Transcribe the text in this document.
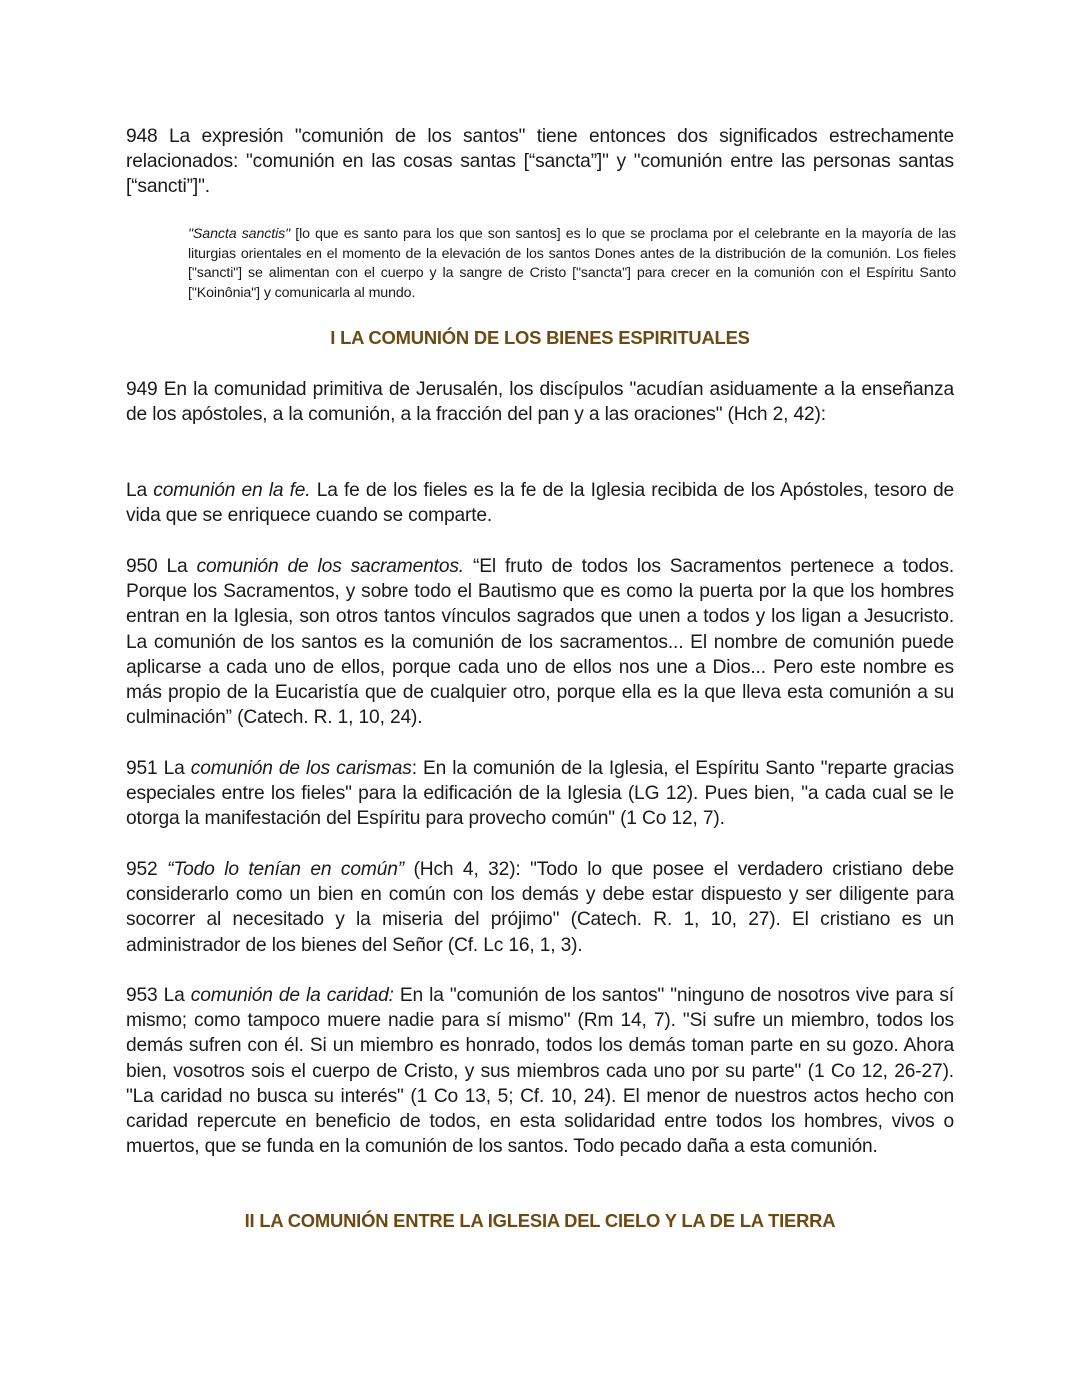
948 La expresión "comunión de los santos" tiene entonces dos significados estrechamente relacionados: "comunión en las cosas santas [“sancta”]" y "comunión entre las personas santas [“sancti”]".

"Sancta sanctis" [lo que es santo para los que son santos] es lo que se proclama por el celebrante en la mayoría de las liturgias orientales en el momento de la elevación de los santos Dones antes de la distribución de la comunión. Los fieles ["sancti"] se alimentan con el cuerpo y la sangre de Cristo ["sancta"] para crecer en la comunión con el Espíritu Santo ["Koinônia"] y comunicarla al mundo.

I LA COMUNIÓN DE LOS BIENES ESPIRITUALES

949 En la comunidad primitiva de Jerusalén, los discípulos "acudían asiduamente a la enseñanza de los apóstoles, a la comunión, a la fracción del pan y a las oraciones" (Hch 2, 42):

La comunión en la fe. La fe de los fieles es la fe de la Iglesia recibida de los Apóstoles, tesoro de vida que se enriquece cuando se comparte.

950 La comunión de los sacramentos. “El fruto de todos los Sacramentos pertenece a todos. Porque los Sacramentos, y sobre todo el Bautismo que es como la puerta por la que los hombres entran en la Iglesia, son otros tantos vínculos sagrados que unen a todos y los ligan a Jesucristo. La comunión de los santos es la comunión de los sacramentos... El nombre de comunión puede aplicarse a cada uno de ellos, porque cada uno de ellos nos une a Dios... Pero este nombre es más propio de la Eucaristía que de cualquier otro, porque ella es la que lleva esta comunión a su culminación” (Catech. R. 1, 10, 24).

951 La comunión de los carismas: En la comunión de la Iglesia, el Espíritu Santo "reparte gracias especiales entre los fieles" para la edificación de la Iglesia (LG 12). Pues bien, "a cada cual se le otorga la manifestación del Espíritu para provecho común" (1 Co 12, 7).

952 “Todo lo tenían en común” (Hch 4, 32): "Todo lo que posee el verdadero cristiano debe considerarlo como un bien en común con los demás y debe estar dispuesto y ser diligente para socorrer al necesitado y la miseria del prójimo" (Catech. R. 1, 10, 27). El cristiano es un administrador de los bienes del Señor (Cf. Lc 16, 1, 3).

953 La comunión de la caridad: En la "comunión de los santos" "ninguno de nosotros vive para sí mismo; como tampoco muere nadie para sí mismo" (Rm 14, 7). "Si sufre un miembro, todos los demás sufren con él. Si un miembro es honrado, todos los demás toman parte en su gozo. Ahora bien, vosotros sois el cuerpo de Cristo, y sus miembros cada uno por su parte" (1 Co 12, 26-27). "La caridad no busca su interés" (1 Co 13, 5; Cf. 10, 24). El menor de nuestros actos hecho con caridad repercute en beneficio de todos, en esta solidaridad entre todos los hombres, vivos o muertos, que se funda en la comunión de los santos. Todo pecado daña a esta comunión.

II LA COMUNIÓN ENTRE LA IGLESIA DEL CIELO Y LA DE LA TIERRA
